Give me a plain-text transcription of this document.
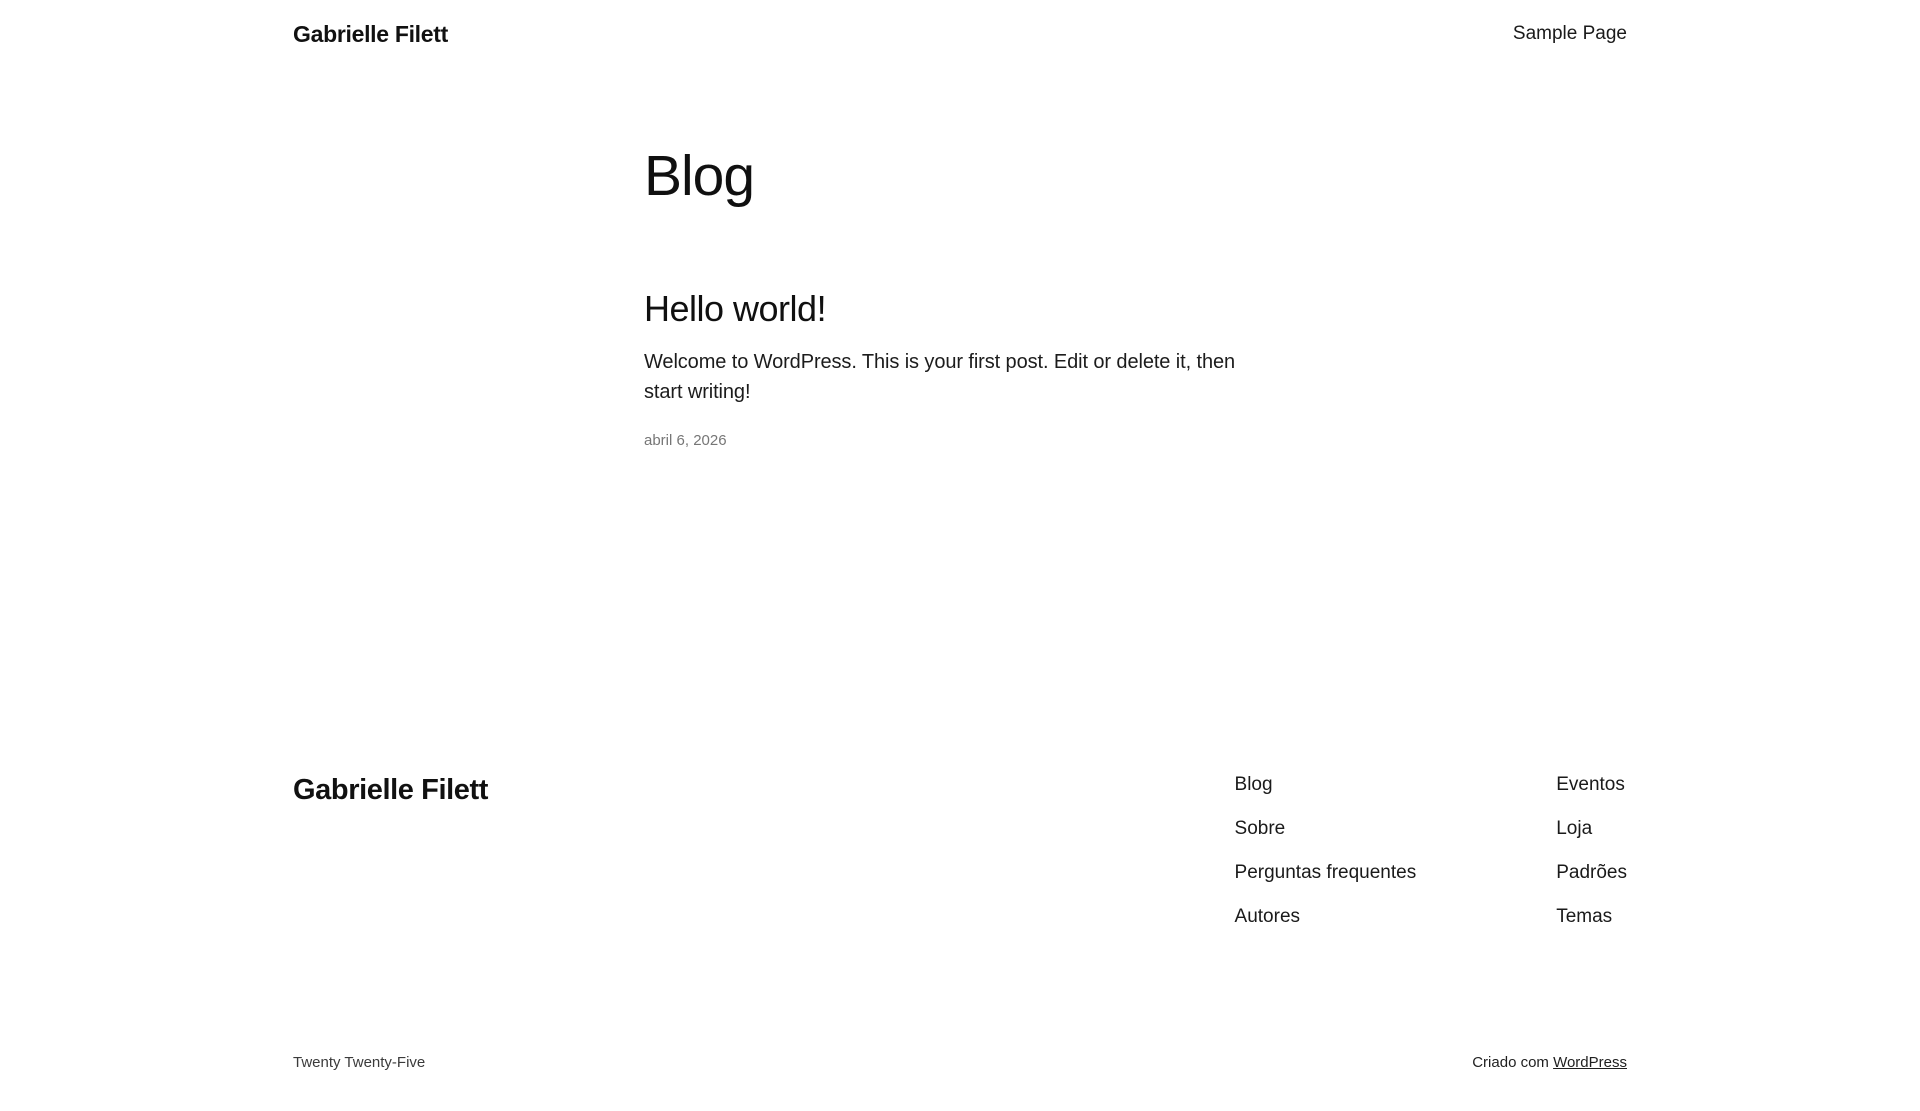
Gabrielle Filett	Sample Page
Blog
Hello world!

Welcome to WordPress. This is your first post. Edit or delete it, then start writing!

abril 6, 2026

Gabrielle Filett	Blog
Sobre
Perguntas frequentes
Autores
Eventos
Loja
Padrões
Temas
Twenty Twenty-Five	Criado com WordPress
